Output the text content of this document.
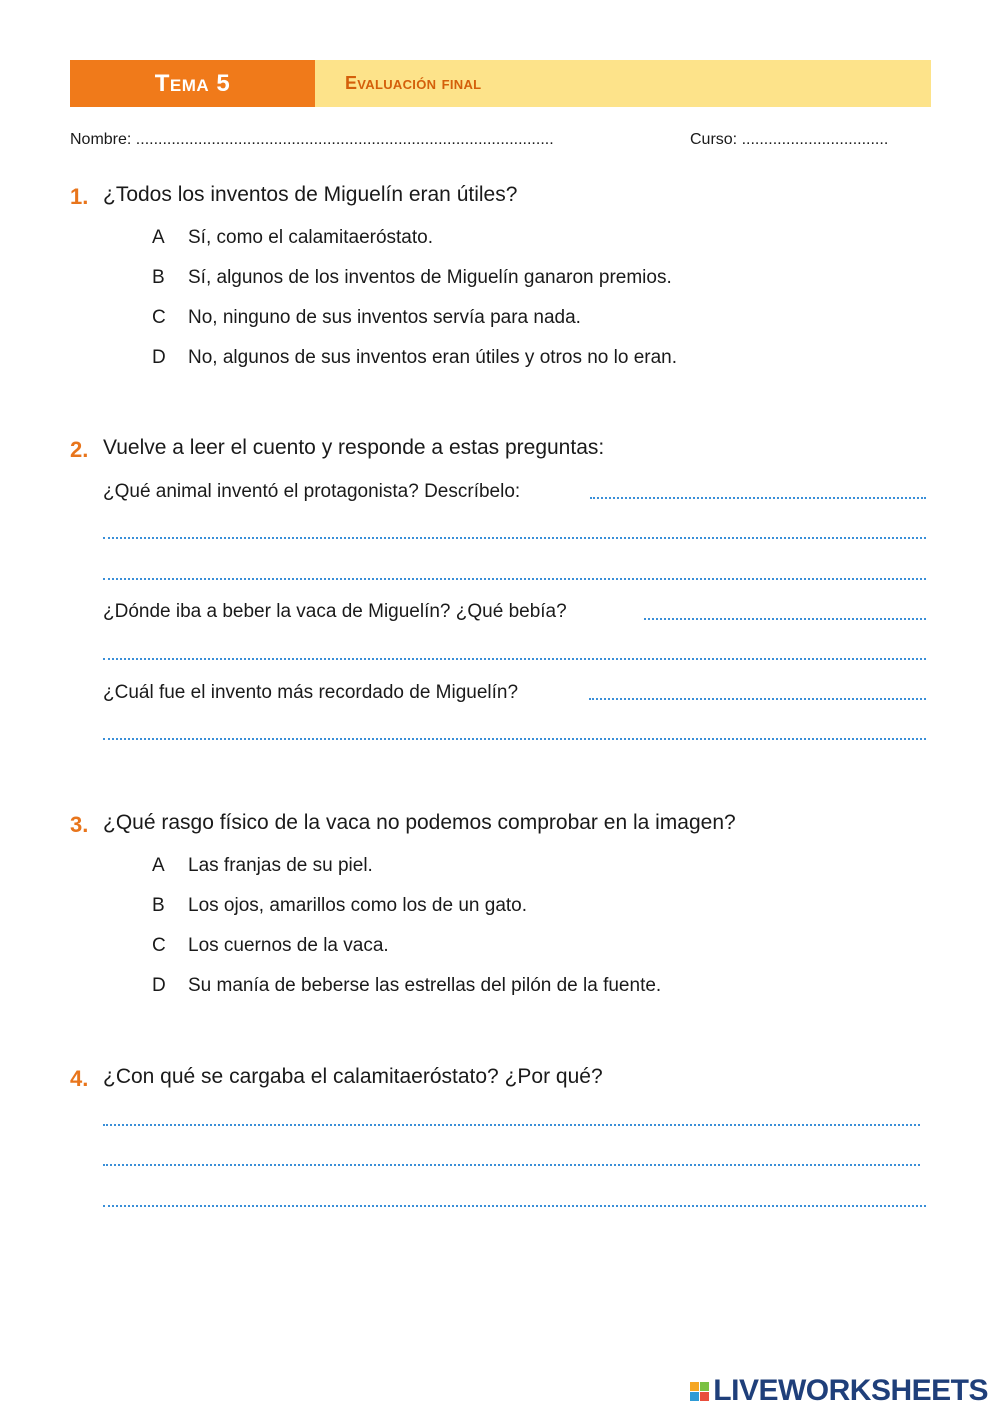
Tema 5	Evaluación final
Nombre: ..............................................................................................	Curso: .................................
1. ¿Todos los inventos de Miguelín eran útiles?
A Sí, como el calamitaeróstato.
B Sí, algunos de los inventos de Miguelín ganaron premios.
C No, ninguno de sus inventos servía para nada.
D No, algunos de sus inventos eran útiles y otros no lo eran.
2. Vuelve a leer el cuento y responde a estas preguntas:
¿Qué animal inventó el protagonista? Descríbelo:
¿Dónde iba a beber la vaca de Miguelín? ¿Qué bebía?
¿Cuál fue el invento más recordado de Miguelín?
3. ¿Qué rasgo físico de la vaca no podemos comprobar en la imagen?
A Las franjas de su piel.
B Los ojos, amarillos como los de un gato.
C Los cuernos de la vaca.
D Su manía de beberse las estrellas del pilón de la fuente.
4. ¿Con qué se cargaba el calamitaeróstato? ¿Por qué?
LIVEWORKSHEETS
